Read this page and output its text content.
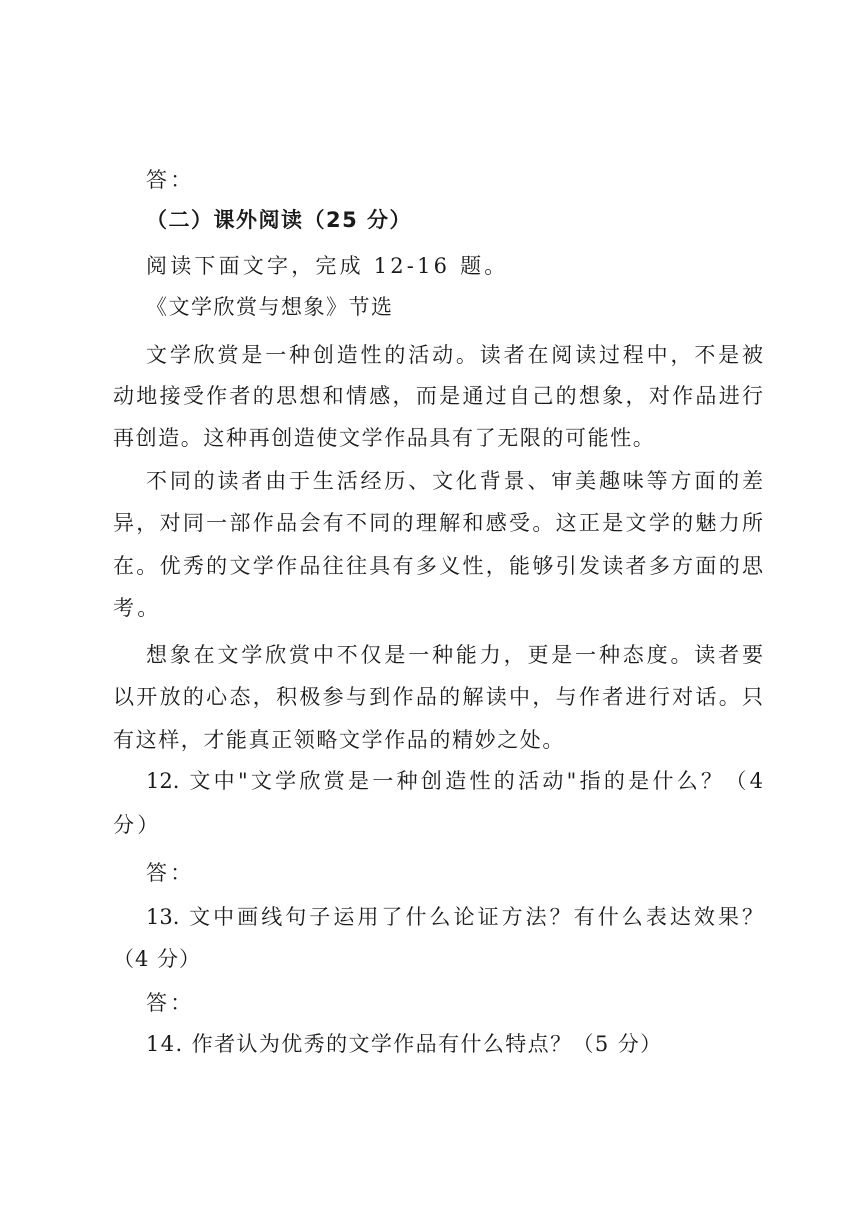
答：
（二）课外阅读（25 分）
阅读下面文字，完成 12-16 题。
《文学欣赏与想象》节选
文学欣赏是一种创造性的活动。读者在阅读过程中，不是被
动地接受作者的思想和情感，而是通过自己的想象，对作品进行
再创造。这种再创造使文学作品具有了无限的可能性。
不同的读者由于生活经历、文化背景、审美趣味等方面的差
异，对同一部作品会有不同的理解和感受。这正是文学的魅力所
在。优秀的文学作品往往具有多义性，能够引发读者多方面的思
考。
想象在文学欣赏中不仅是一种能力，更是一种态度。读者要
以开放的心态，积极参与到作品的解读中，与作者进行对话。只
有这样，才能真正领略文学作品的精妙之处。
12. 文中"文学欣赏是一种创造性的活动"指的是什么？（4
分）
答：
13. 文中画线句子运用了什么论证方法？有什么表达效果？
（4 分）
答：
14. 作者认为优秀的文学作品有什么特点？（5 分）
